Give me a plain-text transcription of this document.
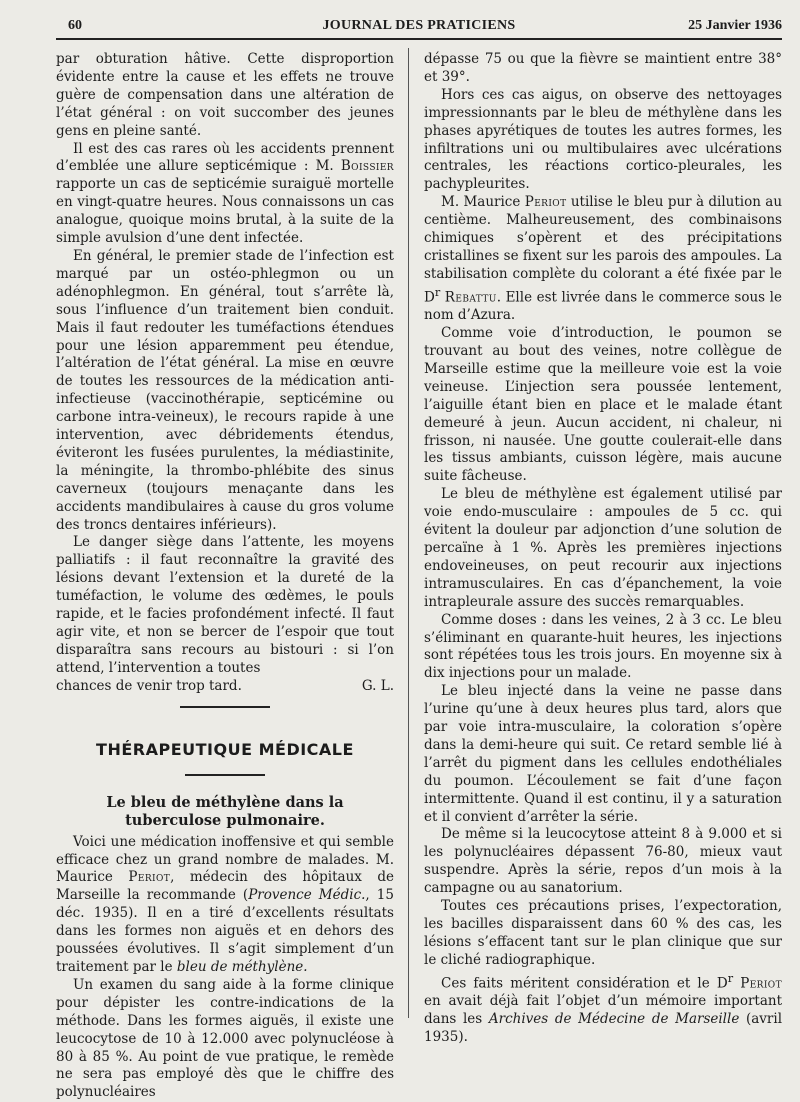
60	JOURNAL DES PRATICIENS	25 Janvier 1936

par obturation hâtive. Cette disproportion évidente entre la cause et les effets ne trouve guère de compensation dans une altération de l’état général : on voit succomber des jeunes gens en pleine santé.

Il est des cas rares où les accidents prennent d’emblée une allure septicémique : M. Boissier rapporte un cas de septicémie suraiguë mortelle en vingt-quatre heures. Nous connaissons un cas analogue, quoique moins brutal, à la suite de la simple avulsion d’une dent infectée.

En général, le premier stade de l’infection est marqué par un ostéo-phlegmon ou un adénophlegmon. En général, tout s’arrête là, sous l’influence d’un traitement bien conduit. Mais il faut redouter les tuméfactions étendues pour une lésion apparemment peu étendue, l’altération de l’état général. La mise en œuvre de toutes les ressources de la médication anti-infectieuse (vaccinothérapie, septicémine ou carbone intra-veineux), le recours rapide à une intervention, avec débridements étendus, éviteront les fusées purulentes, la médiastinite, la méningite, la thrombo-phlébite des sinus caverneux (toujours menaçante dans les accidents mandibulaires à cause du gros volume des troncs dentaires inférieurs).

Le danger siège dans l’attente, les moyens palliatifs : il faut reconnaître la gravité des lésions devant l’extension et la dureté de la tuméfaction, le volume des œdèmes, le pouls rapide, et le facies profondément infecté. Il faut agir vite, et non se bercer de l’espoir que tout disparaîtra sans recours au bistouri : si l’on attend, l’intervention a toutes

chances de venir trop tard.	G. L.

THÉRAPEUTIQUE MÉDICALE
Le bleu de méthylène dans la tuberculose pulmonaire.

Voici une médication inoffensive et qui semble efficace chez un grand nombre de malades. M. Maurice Periot, médecin des hôpitaux de Marseille la recommande (Provence Médic., 15 déc. 1935). Il en a tiré d’excellents résultats dans les formes non aiguës et en dehors des poussées évolutives. Il s’agit simplement d’un traitement par le bleu de méthylène.

Un examen du sang aide à la forme clinique pour dépister les contre-indications de la méthode. Dans les formes aiguës, il existe une leucocytose de 10 à 12.000 avec polynucléose à 80 à 85 %. Au point de vue pratique, le remède ne sera pas employé dès que le chiffre des polynucléaires

dépasse 75 ou que la fièvre se maintient entre 38° et 39°.

Hors ces cas aigus, on observe des nettoyages impressionnants par le bleu de méthylène dans les phases apyrétiques de toutes les autres formes, les infiltrations uni ou multibulaires avec ulcérations centrales, les réactions cortico-pleurales, les pachypleurites.

M. Maurice Periot utilise le bleu pur à dilution au centième. Malheureusement, des combinaisons chimiques s’opèrent et des précipitations cristallines se fixent sur les parois des ampoules. La stabilisation complète du colorant a été fixée par le $D^r$ Rebattu. Elle est livrée dans le commerce sous le nom d’Azura.

Comme voie d’introduction, le poumon se trouvant au bout des veines, notre collègue de Marseille estime que la meilleure voie est la voie veineuse. L’injection sera poussée lentement, l’aiguille étant bien en place et le malade étant demeuré à jeun. Aucun accident, ni chaleur, ni frisson, ni nausée. Une goutte coulerait-elle dans les tissus ambiants, cuisson légère, mais aucune suite fâcheuse.

Le bleu de méthylène est également utilisé par voie endo-musculaire : ampoules de 5 cc. qui évitent la douleur par adjonction d’une solution de percaïne à 1 %. Après les premières injections endoveineuses, on peut recourir aux injections intramusculaires. En cas d’épanchement, la voie intrapleurale assure des succès remarquables.

Comme doses : dans les veines, 2 à 3 cc. Le bleu s’éliminant en quarante-huit heures, les injections sont répétées tous les trois jours. En moyenne six à dix injections pour un malade.

Le bleu injecté dans la veine ne passe dans l’urine qu’une à deux heures plus tard, alors que par voie intra-musculaire, la coloration s’opère dans la demi-heure qui suit. Ce retard semble lié à l’arrêt du pigment dans les cellules endothéliales du poumon. L’écoulement se fait d’une façon intermittente. Quand il est continu, il y a saturation et il convient d’arrêter la série.

De même si la leucocytose atteint 8 à 9.000 et si les polynucléaires dépassent 76-80, mieux vaut suspendre. Après la série, repos d’un mois à la campagne ou au sanatorium.

Toutes ces précautions prises, l’expectoration, les bacilles disparaissent dans 60 % des cas, les lésions s’effacent tant sur le plan clinique que sur le cliché radiographique.

Ces faits méritent considération et le $D^r$ Periot en avait déjà fait l’objet d’un mémoire important dans les Archives de Médecine de Marseille (avril 1935).
